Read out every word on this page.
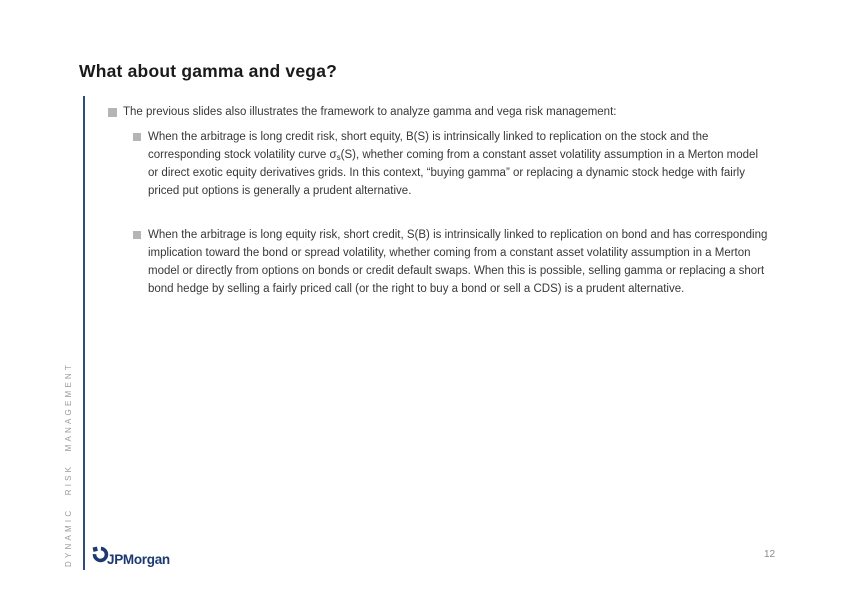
What about gamma and vega?
DYNAMIC RISK MANAGEMENT

The previous slides also illustrates the framework to analyze gamma and vega risk management:

When the arbitrage is long credit risk, short equity, B(S) is intrinsically linked to replication on the stock and the corresponding stock volatility curve $\sigma_s(S)$, whether coming from a constant asset volatility assumption in a Merton model or direct exotic equity derivatives grids. In this context, “buying gamma” or replacing a dynamic stock hedge with fairly priced put options is generally a prudent alternative.

When the arbitrage is long equity risk, short credit, S(B) is intrinsically linked to replication on bond and has corresponding implication toward the bond or spread volatility, whether coming from a constant asset volatility assumption in a Merton model or directly from options on bonds or credit default swaps. When this is possible, selling gamma or replacing a short bond hedge by selling a fairly priced call (or the right to buy a bond or sell a CDS) is a prudent alternative.

JPMorgan	12
